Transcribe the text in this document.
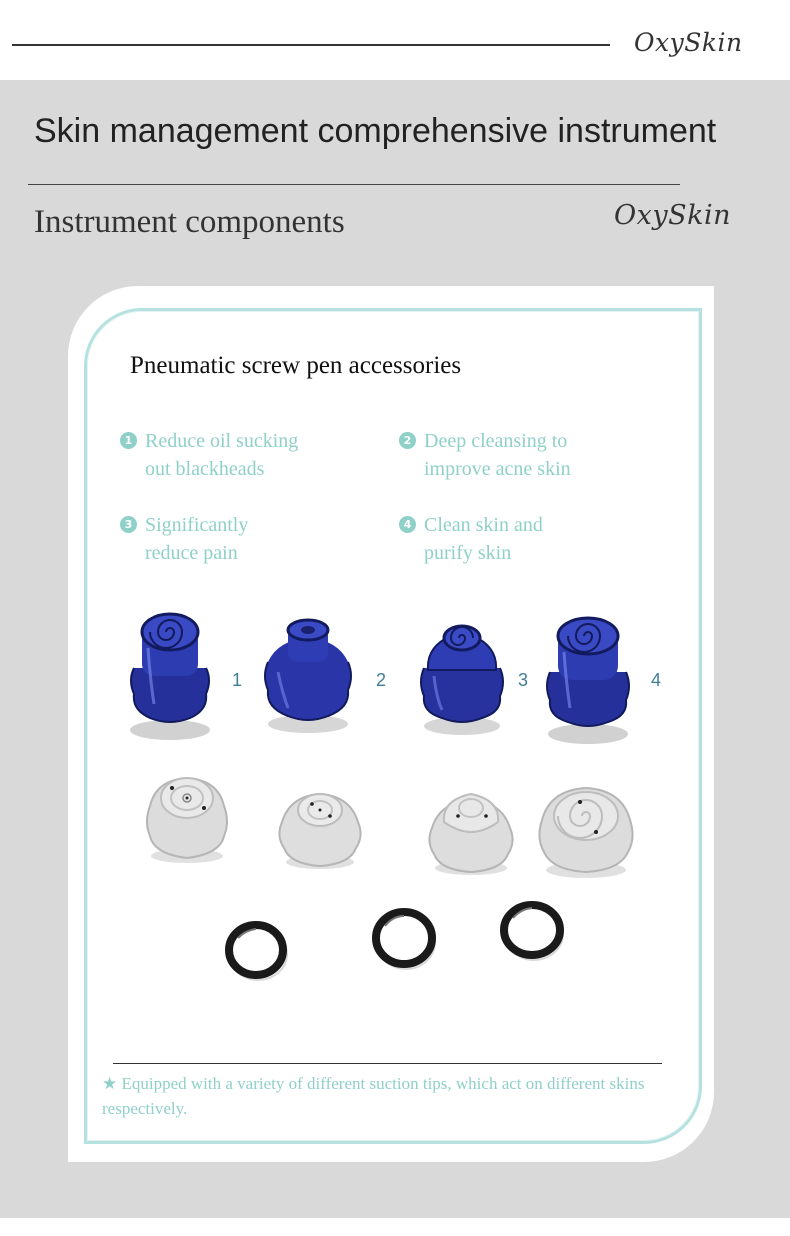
OxySkin
Skin management comprehensive instrument
Instrument components	OxySkin
Pneumatic screw pen accessories
1 Reduce oil sucking
out blackheads
2 Deep cleansing to
improve acne skin
3 Significantly
reduce pain
4 Clean skin and
purify skin
1	2	3	4
★ Equipped with a variety of different suction tips, which act on different skins respectively.
